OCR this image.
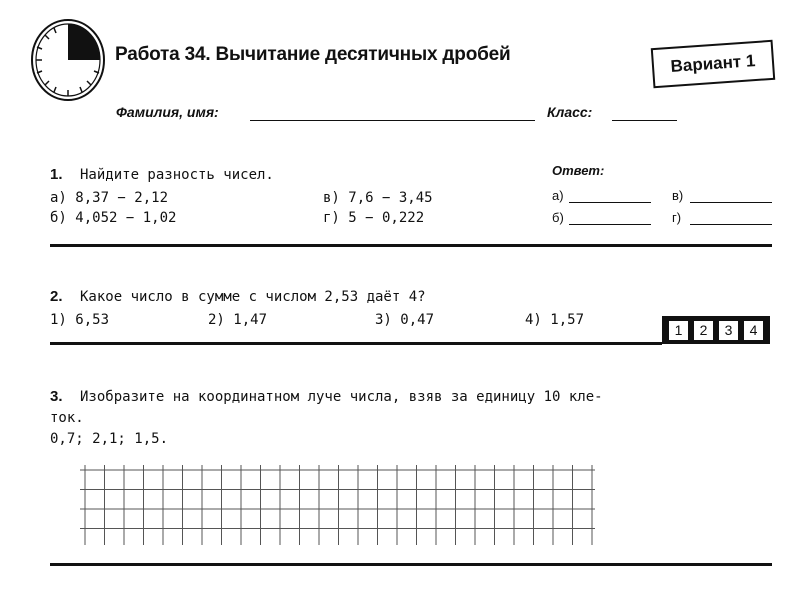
Работа 34. Вычитание десятичных дробей	Вариант 1
Фамилия, имя:	Класс:
1. Найдите разность чисел.
а) 8,37 − 2,12	в) 7,6 − 3,45
б) 4,052 − 1,02	г) 5 − 0,222
Ответ:
а)	в)
б)	г)
2. Какое число в сумме с числом 2,53 даёт 4?
1) 6,53	2) 1,47	3) 0,47	4) 1,57
1	2	3	4
3. Изобразите на координатном луче числа, взяв за единицу 10 кле-
ток.
0,7; 2,1; 1,5.
